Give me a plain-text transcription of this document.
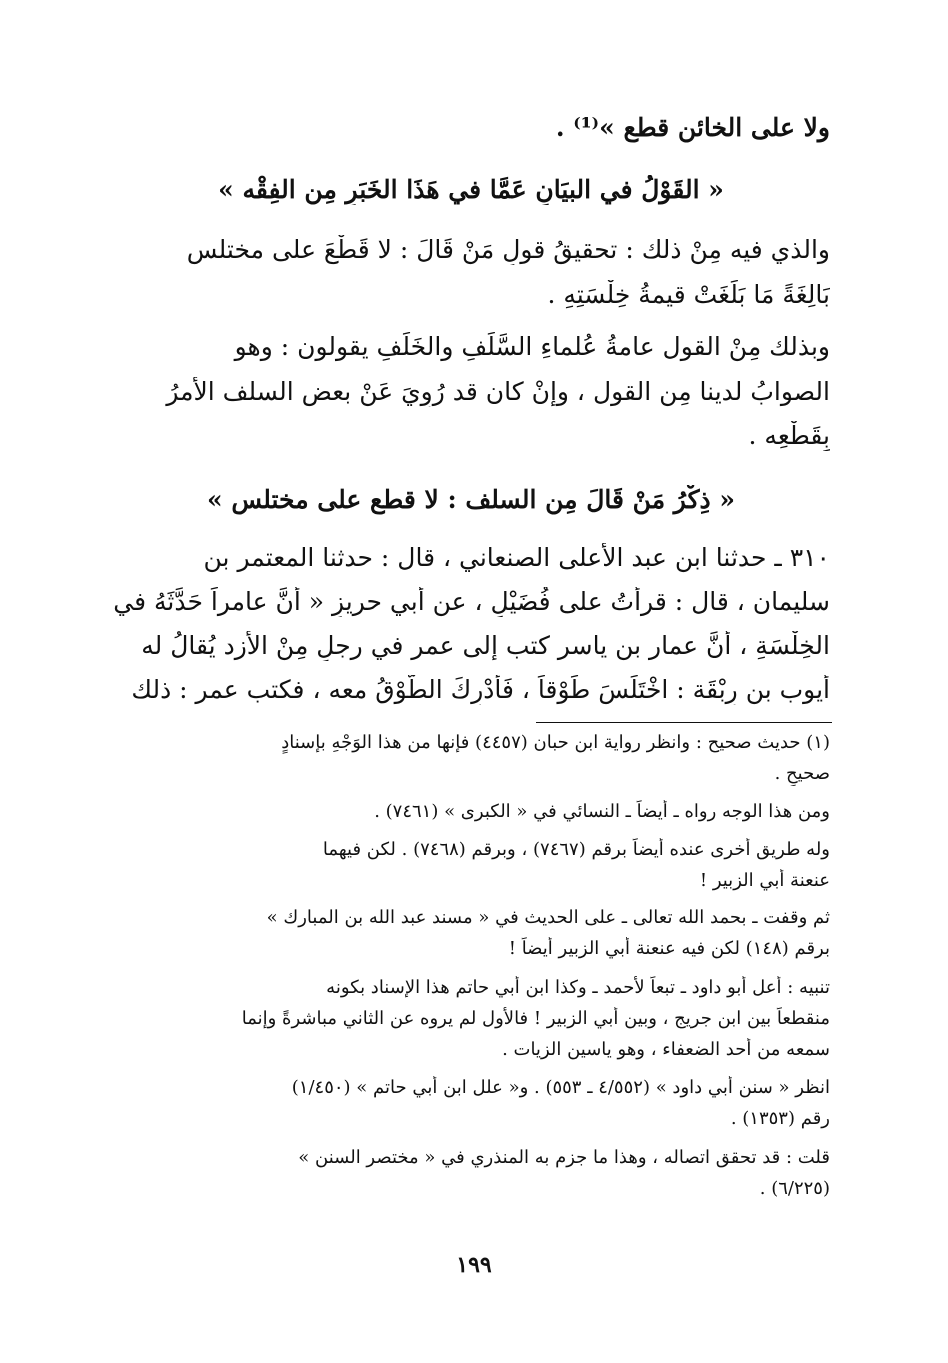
ولا على الخائن قطع »⁽¹⁾ .
« القَوْلُ في البيَانِ عَمَّا في هَذَا الخَبَرِ مِن الفِقْه »
والذي فيه مِنْ ذلك : تحقيقُ قولِ مَنْ قَالَ : لا قَطْعَ على مختلسٍ
بَالِغَةً مَا بَلَغَتْ قيمةُ خِلْسَتِهِ .
وبذلك مِنْ القول عامةُ عُلماءِ السَّلَفِ والخَلَفِ يقولون : وهو
الصوابُ لدينا مِن القول ، وإنْ كان قد رُوِيَ عَنْ بعض السلف الأمرُ
بِقَطْعِه .
« ذِكْرُ مَنْ قَالَ مِن السلف : لا قطع على مختلس »
٣١٠ ـ حدثنا ابن عبد الأعلى الصنعاني ، قال : حدثنا المعتمر بن
سليمان ، قال : قرأتُ على فُضَيْلٍ ، عن أبي حريزٍ « أنَّ عامراً حَدَّثَهُ في
الخِلْسَةِ ، أنَّ عمار بن ياسر كتب إلى عمر في رجلٍ مِنْ الأزد يُقالُ له
أيوب بن رِبْقَة : اخْتَلَسَ طَوْقاً ، فَأُدْرِكَ الطَّوْقُ معه ، فكتب عمر : ذلك
(١) حديث صحيح : وانظر رواية ابن حبان (٤٤٥٧) فإنها من هذا الوَجْهِ بإسنادٍ
صحيحٍ .
ومن هذا الوجه رواه ـ أيضاً ـ النسائي في « الكبرى » (٧٤٦١) .
وله طريق أخرى عنده أيضاً برقم (٧٤٦٧) ، وبرقم (٧٤٦٨) . لكن فيهما
عنعنة أبي الزبير !
ثم وقفت ـ بحمد الله تعالى ـ على الحديث في « مسند عبد الله بن المبارك »
برقم (١٤٨) لكن فيه عنعنة أبي الزبير أيضاً !
تنبيه : أعل أبو داود ـ تبعاً لأحمد ـ وكذا ابن أبي حاتم هذا الإسناد بكونه
منقطعاً بين ابن جريج ، وبين أبي الزبير ! فالأول لم يروه عن الثاني مباشرةً وإنما
سمعه من أحد الضعفاء ، وهو ياسين الزيات .
انظر « سنن أبي داود » (٤/٥٥٢ ـ ٥٥٣) . و« علل ابن أبي حاتم » (١/٤٥٠)
رقم (١٣٥٣) .
قلت : قد تحقق اتصاله ، وهذا ما جزم به المنذري في « مختصر السنن »
(٦/٢٢٥) .
١٩٩
